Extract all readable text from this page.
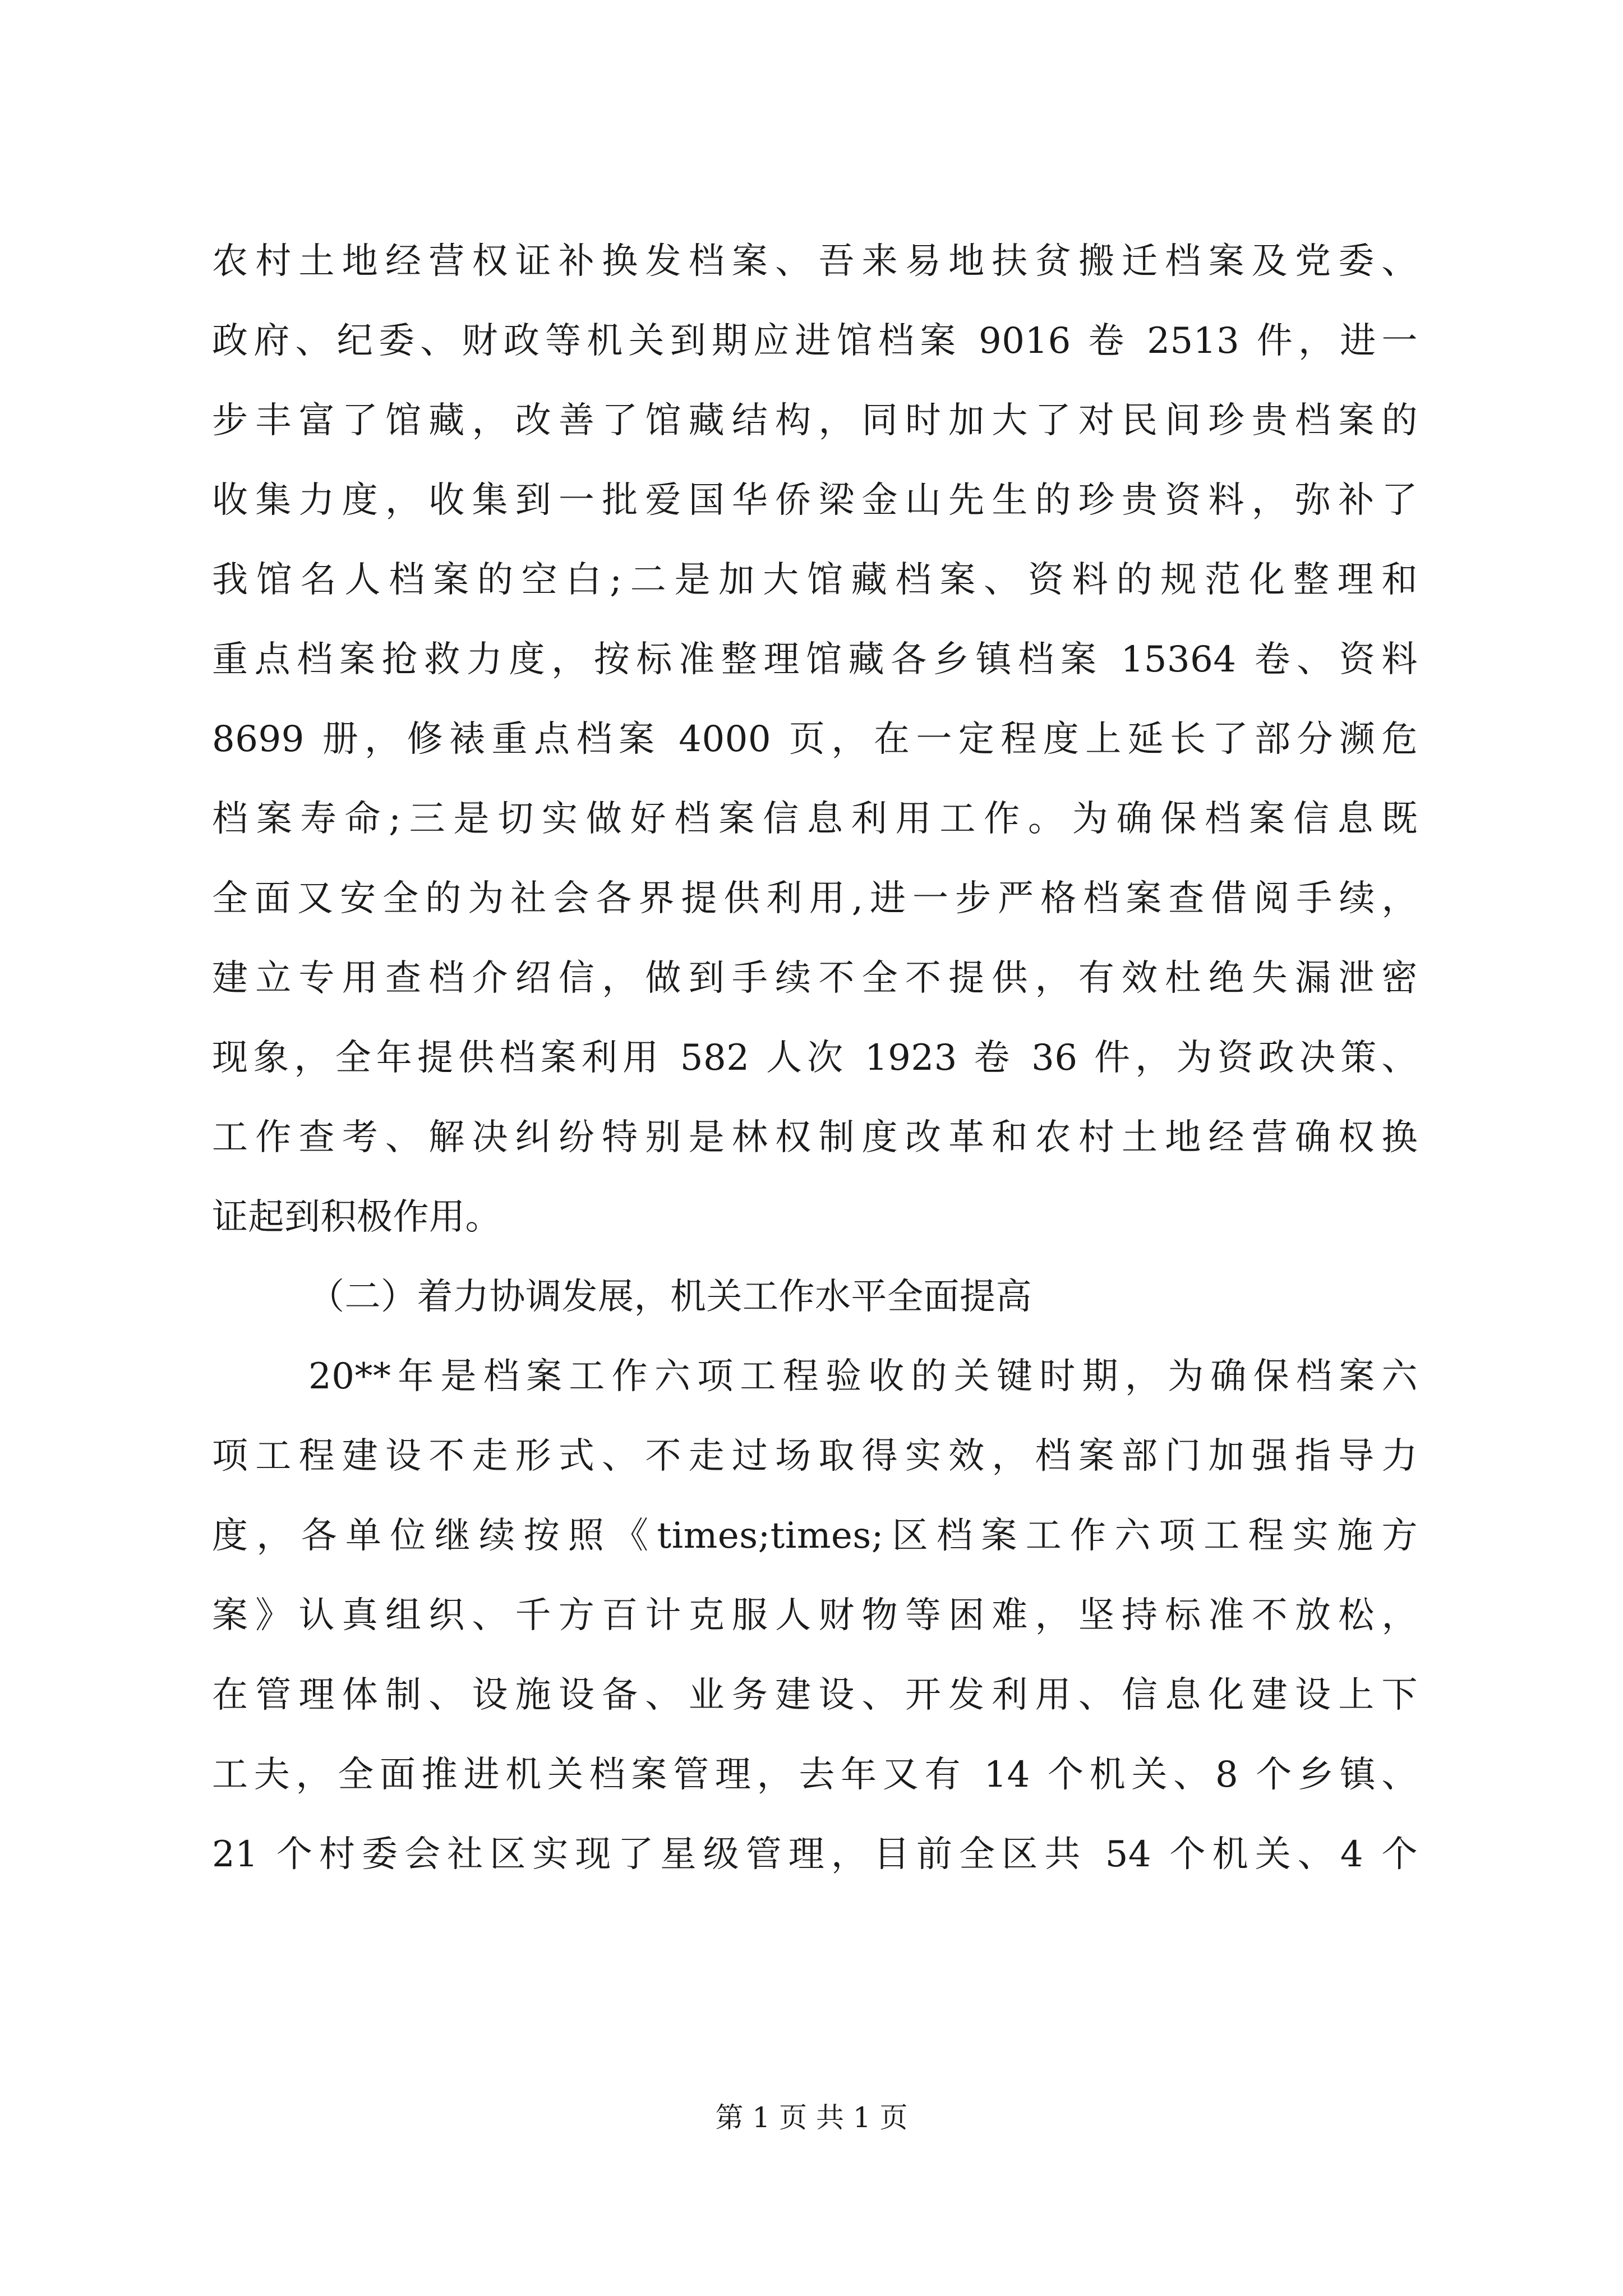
农村土地经营权证补换发档案、吾来易地扶贫搬迁档案及党委、
政府、纪委、财政等机关到期应进馆档案 9016 卷 2513 件，进一
步丰富了馆藏，改善了馆藏结构，同时加大了对民间珍贵档案的
收集力度，收集到一批爱国华侨梁金山先生的珍贵资料，弥补了
我馆名人档案的空白;二是加大馆藏档案、资料的规范化整理和
重点档案抢救力度，按标准整理馆藏各乡镇档案 15364 卷、资料
8699 册，修裱重点档案 4000 页，在一定程度上延长了部分濒危
档案寿命;三是切实做好档案信息利用工作。为确保档案信息既
全面又安全的为社会各界提供利用,进一步严格档案查借阅手续，
建立专用查档介绍信，做到手续不全不提供，有效杜绝失漏泄密
现象，全年提供档案利用 582 人次 1923 卷 36 件，为资政决策、
工作查考、解决纠纷特别是林权制度改革和农村土地经营确权换
证起到积极作用。
（二）着力协调发展，机关工作水平全面提高
20**年是档案工作六项工程验收的关键时期，为确保档案六
项工程建设不走形式、不走过场取得实效，档案部门加强指导力
度，各单位继续按照《times;times;区档案工作六项工程实施方
案》认真组织、千方百计克服人财物等困难，坚持标准不放松，
在管理体制、设施设备、业务建设、开发利用、信息化建设上下
工夫，全面推进机关档案管理，去年又有 14 个机关、8 个乡镇、
21 个村委会社区实现了星级管理，目前全区共 54 个机关、4 个
第 1 页 共 1 页
